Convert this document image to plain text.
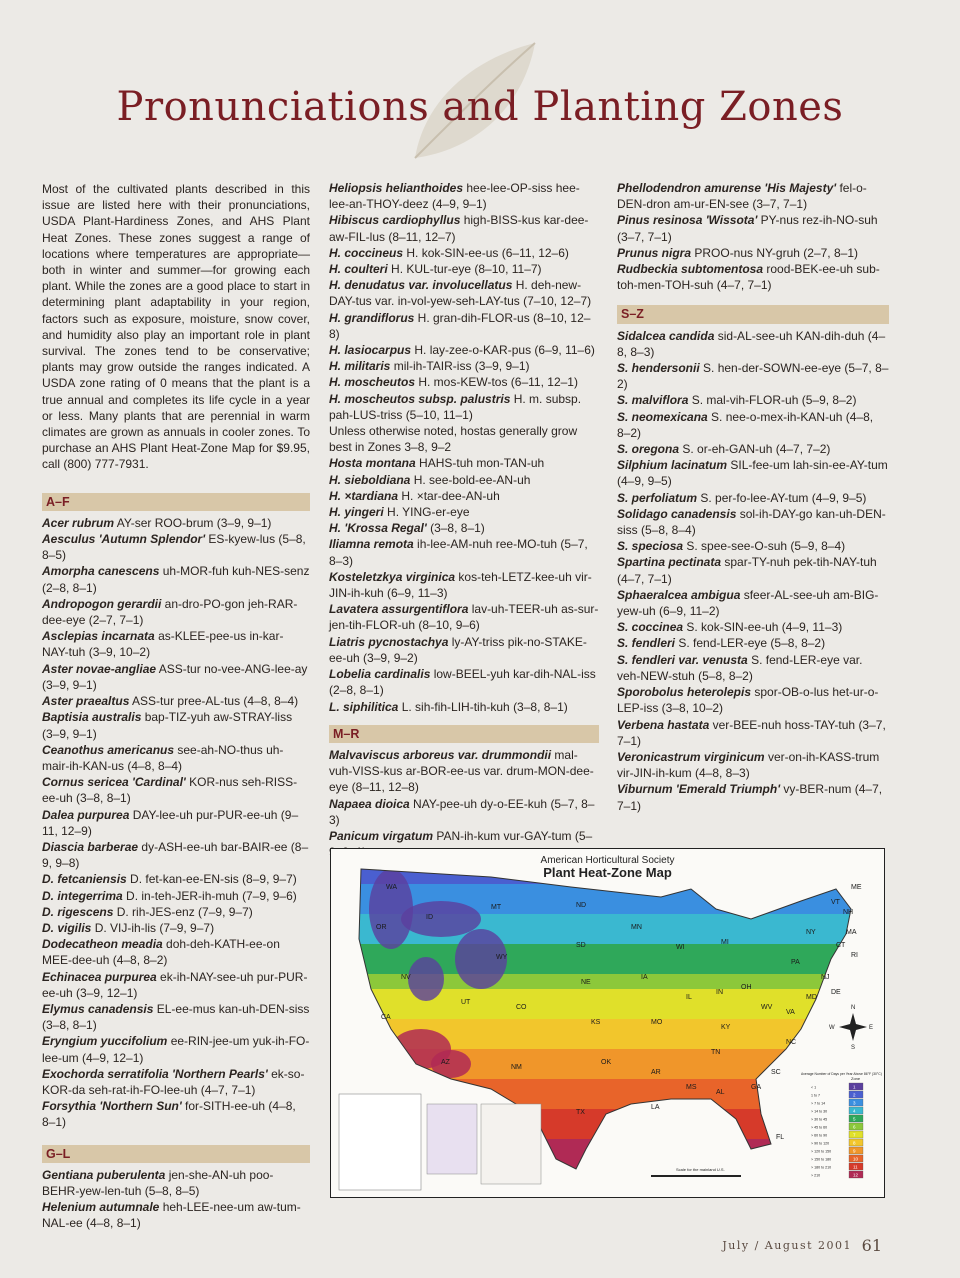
Pronunciations and Planting Zones
Most of the cultivated plants described in this issue are listed here with their pronunciations, USDA Plant-Hardiness Zones, and AHS Plant Heat Zones. These zones suggest a range of locations where temperatures are appropriate—both in winter and summer—for growing each plant. While the zones are a good place to start in determining plant adaptability in your region, factors such as exposure, moisture, snow cover, and humidity also play an important role in plant survival. The zones tend to be conservative; plants may grow outside the ranges indicated. A USDA zone rating of 0 means that the plant is a true annual and completes its life cycle in a year or less. Many plants that are perennial in warm climates are grown as annuals in cooler zones. To purchase an AHS Plant Heat-Zone Map for $9.95, call (800) 777-7931.
A–F
Acer rubrum AY-ser ROO-brum (3–9, 9–1)
Aesculus 'Autumn Splendor' ES-kyew-lus (5–8, 8–5)
Amorpha canescens uh-MOR-fuh kuh-NES-senz (2–8, 8–1)
Andropogon gerardii an-dro-PO-gon jeh-RAR-dee-eye (2–7, 7–1)
Asclepias incarnata as-KLEE-pee-us in-kar-NAY-tuh (3–9, 10–2)
Aster novae-angliae ASS-tur no-vee-ANG-lee-ay (3–9, 9–1)
Aster praealtus ASS-tur pree-AL-tus (4–8, 8–4)
Baptisia australis bap-TIZ-yuh aw-STRAY-liss (3–9, 9–1)
Ceanothus americanus see-ah-NO-thus uh-mair-ih-KAN-us (4–8, 8–4)
Cornus sericea 'Cardinal' KOR-nus seh-RISS-ee-uh (3–8, 8–1)
Dalea purpurea DAY-lee-uh pur-PUR-ee-uh (9–11, 12–9)
Diascia barberae dy-ASH-ee-uh bar-BAIR-ee (8–9, 9–8)
D. fetcaniensis D. fet-kan-ee-EN-sis (8–9, 9–7)
D. integerrima D. in-teh-JER-ih-muh (7–9, 9–6)
D. rigescens D. rih-JES-enz (7–9, 9–7)
D. vigilis D. VIJ-ih-lis (7–9, 9–7)
Dodecatheon meadia doh-deh-KATH-ee-on MEE-dee-uh (4–8, 8–2)
Echinacea purpurea ek-ih-NAY-see-uh pur-PUR-ee-uh (3–9, 12–1)
Elymus canadensis EL-ee-mus kan-uh-DEN-siss (3–8, 8–1)
Eryngium yuccifolium ee-RIN-jee-um yuk-ih-FO-lee-um (4–9, 12–1)
Exochorda serratifolia 'Northern Pearls' ek-so-KOR-da seh-rat-ih-FO-lee-uh (4–7, 7–1)
Forsythia 'Northern Sun' for-SITH-ee-uh (4–8, 8–1)
G–L
Gentiana puberulenta jen-she-AN-uh poo-BEHR-yew-len-tuh (5–8, 8–5)
Helenium autumnale heh-LEE-nee-um aw-tum-NAL-ee (4–8, 8–1)
Heliopsis helianthoides hee-lee-OP-siss hee-lee-an-THOY-deez (4–9, 9–1)
Hibiscus cardiophyllus high-BISS-kus kar-dee-aw-FIL-lus (8–11, 12–7)
H. coccineus H. kok-SIN-ee-us (6–11, 12–6)
H. coulteri H. KUL-tur-eye (8–10, 11–7)
H. denudatus var. involucellatus H. deh-new-DAY-tus var. in-vol-yew-seh-LAY-tus (7–10, 12–7)
H. grandiflorus H. gran-dih-FLOR-us (8–10, 12–8)
H. lasiocarpus H. lay-zee-o-KAR-pus (6–9, 11–6)
H. militaris mil-ih-TAIR-iss (3–9, 9–1)
H. moscheutos H. mos-KEW-tos (6–11, 12–1)
H. moscheutos subsp. palustris H. m. subsp. pah-LUS-triss (5–10, 11–1)
Unless otherwise noted, hostas generally grow best in Zones 3–8, 9–2
Hosta montana HAHS-tuh mon-TAN-uh
H. sieboldiana H. see-bold-ee-AN-uh
H. ×tardiana H. ×tar-dee-AN-uh
H. yingeri H. YING-er-eye
H. 'Krossa Regal' (3–8, 8–1)
Iliamna remota ih-lee-AM-nuh ree-MO-tuh (5–7, 8–3)
Kosteletzkya virginica kos-teh-LETZ-kee-uh vir-JIN-ih-kuh (6–9, 11–3)
Lavatera assurgentiflora lav-uh-TEER-uh as-sur-jen-tih-FLOR-uh (8–10, 9–6)
Liatris pycnostachya ly-AY-triss pik-no-STAKE-ee-uh (3–9, 9–2)
Lobelia cardinalis low-BEEL-yuh kar-dih-NAL-iss (2–8, 8–1)
L. siphilitica L. sih-fih-LIH-tih-kuh (3–8, 8–1)
M–R
Malvaviscus arboreus var. drummondii mal-vuh-VISS-kus ar-BOR-ee-us var. drum-MON-dee-eye (8–11, 12–8)
Napaea dioica NAY-pee-uh dy-o-EE-kuh (5–7, 8–3)
Panicum virgatum PAN-ih-kum vur-GAY-tum (5–
Phellodendron amurense 'His Majesty' fel-o-DEN-dron am-ur-EN-see (3–7, 7–1)
Pinus resinosa 'Wissota' PY-nus rez-ih-NO-suh (3–7, 7–1)
Prunus nigra PROO-nus NY-gruh (2–7, 8–1)
Rudbeckia subtomentosa rood-BEK-ee-uh sub-toh-men-TOH-suh (4–7, 7–1)
S–Z
Sidalcea candida sid-AL-see-uh KAN-dih-duh (4–8, 8–3)
S. hendersonii S. hen-der-SOWN-ee-eye (5–7, 8–2)
S. malviflora S. mal-vih-FLOR-uh (5–9, 8–2)
S. neomexicana S. nee-o-mex-ih-KAN-uh (4–8, 8–2)
S. oregona S. or-eh-GAN-uh (4–7, 7–2)
Silphium lacinatum SIL-fee-um lah-sin-ee-AY-tum (4–9, 9–5)
S. perfoliatum S. per-fo-lee-AY-tum (4–9, 9–5)
Solidago canadensis sol-ih-DAY-go kan-uh-DEN-siss (5–8, 8–4)
S. speciosa S. spee-see-O-suh (5–9, 8–4)
Spartina pectinata spar-TY-nuh pek-tih-NAY-tuh (4–7, 7–1)
Sphaeralcea ambigua sfeer-AL-see-uh am-BIG-yew-uh (6–9, 11–2)
S. coccinea S. kok-SIN-ee-uh (4–9, 11–3)
S. fendleri S. fend-LER-eye (5–8, 8–2)
S. fendleri var. venusta S. fend-LER-eye var. veh-NEW-stuh (5–8, 8–2)
Sporobolus heterolepis spor-OB-o-lus het-ur-o-LEP-iss (3–8, 10–2)
Verbena hastata ver-BEE-nuh hoss-TAY-tuh (3–7, 7–1)
Veronicastrum virginicum ver-on-ih-KASS-trum vir-JIN-ih-kum (4–8, 8–3)
Viburnum 'Emerald Triumph' vy-BER-num (4–7, 7–1)
WA
OR
ID
MT	ND
MN
WI
MI
SD
WY
NE
IA
NV
UT
CO
KS	MO
IL
IN
OH
PA
NY
VT
NH
ME
CA
AZ
NM
OK
AR
TN
KY
WV
VA
NC
SC
GA
AL
MS
LA
TX
FL
MA
CT
RI
NJ
DE
MD
Average Number of Days per Year Above 86°F (30°C)
Zone
1
< 1
2
1 to 7
3
> 7 to 14
4
> 14 to 30
5
> 30 to 45
6
> 45 to 60
7
> 60 to 90
8
> 90 to 120
9
> 120 to 150
10
> 150 to 180
11
> 180 to 210
12
> 210
N
E
S
W
Scale for the mainland U.S.
American Horticultural Society
Plant Heat-Zone Map
61
July / August 2001
